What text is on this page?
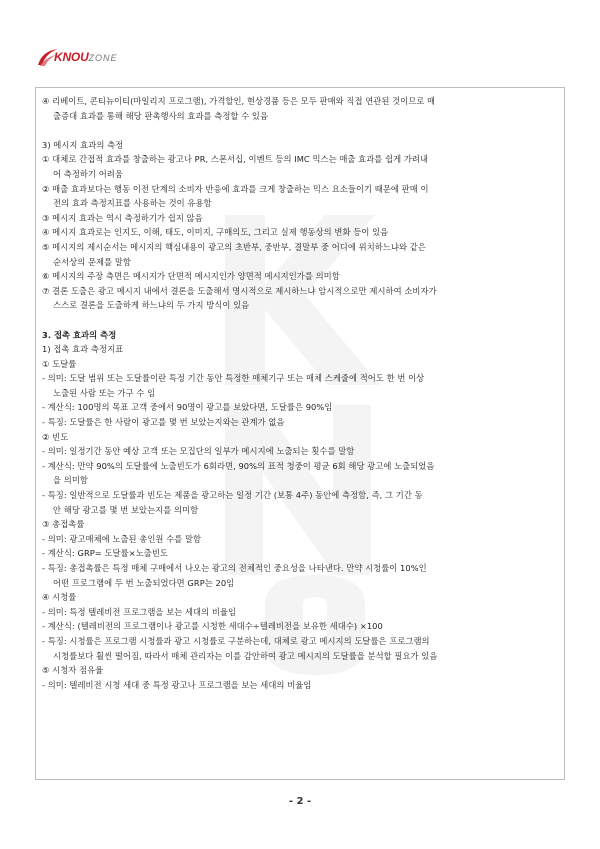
KNOUZONE
④ 리베이트, 콘티뉴이티(마일리지 프로그램), 가격할인, 현상경품 등은 모두 판매와 직접 연관된 것이므로 매
출증대 효과를 통해 해당 판촉행사의 효과를 측정할 수 있음
3) 메시지 효과의 측정
① 대체로 간접적 효과를 창출하는 광고나 PR, 스폰서십, 이벤트 등의 IMC 믹스는 매출 효과를 쉽게 가려내
어 측정하기 어려움
② 매출 효과보다는 행동 이전 단계의 소비자 반응에 효과를 크게 창출하는 믹스 요소들이기 때문에 판매 이
전의 효과 측정지표를 사용하는 것이 유용함
③ 메시지 효과는 역시 측정하기가 쉽지 않음
④ 메시지 효과로는 인지도, 이해, 태도, 이미지, 구매의도, 그리고 실제 행동상의 변화 등이 있음
⑤ 메시지의 제시순서는 메시지의 핵심내용이 광고의 초반부, 중반부, 결말부 중 어디에 위치하느냐와 같은
순서상의 문제를 말함
⑥ 메시지의 주장 측면은 메시지가 단면적 메시지인가 양면적 메시지인가를 의미함
⑦ 결론 도출은 광고 메시지 내에서 결론을 도출해서 명시적으로 제시하느냐 암시적으로만 제시하여 소비자가
스스로 결론을 도출하게 하느냐의 두 가지 방식이 있음
3. 접촉 효과의 측정
1) 접촉 효과 측정지표
① 도달률
- 의미: 도달 범위 또는 도달률이란 특정 기간 동안 특정한 매체기구 또는 매체 스케줄에 적어도 한 번 이상
노출된 사람 또는 가구 수 임
- 계산식: 100명의 목표 고객 중에서 90명이 광고를 보았다면, 도달률은 90%임
- 특징: 도달률은 한 사람이 광고를 몇 번 보았는지와는 관계가 없음
② 빈도
- 의미: 일정기간 동안 예상 고객 또는 모집단의 일부가 메시지에 노출되는 횟수를 말함
- 계산식: 만약 90%의 도달률에 노출빈도가 6회라면, 90%의 표적 청중이 평균 6회 해당 광고에 노출되었음
을 의미함
- 특징: 일반적으로 도달률과 빈도는 제품을 광고하는 일정 기간 (보통 4주) 동안에 측정함, 즉, 그 기간 동
안 해당 광고를 몇 번 보았는지를 의미함
③ 총접촉률
- 의미: 광고매체에 노출된 총인원 수를 말함
- 계산식: GRP= 도달률×노출빈도
- 특징: 총접촉률은 특정 매체 구매에서 나오는 광고의 전체적인 중요성을 나타낸다. 만약 시청률이 10%인
어떤 프로그램에 두 번 노출되었다면 GRP는 20임
④ 시청률
- 의미: 특정 텔레비전 프로그램을 보는 세대의 비율임
- 계산식: (텔레비전의 프로그램이나 광고를 시청한 세대수÷텔레비전을 보유한 세대수) ×100
- 특징: 시청률은 프로그램 시청률과 광고 시청률로 구분하는데, 대체로 광고 메시지의 도달률은 프로그램의
시청률보다 훨씬 떨어짐, 따라서 매체 관리자는 이를 감안하여 광고 메시지의 도달률을 분석할 필요가 있음
⑤ 시청자 점유율
- 의미: 텔레비전 시청 세대 중 특정 광고나 프로그램을 보는 세대의 비율임
- 2 -
